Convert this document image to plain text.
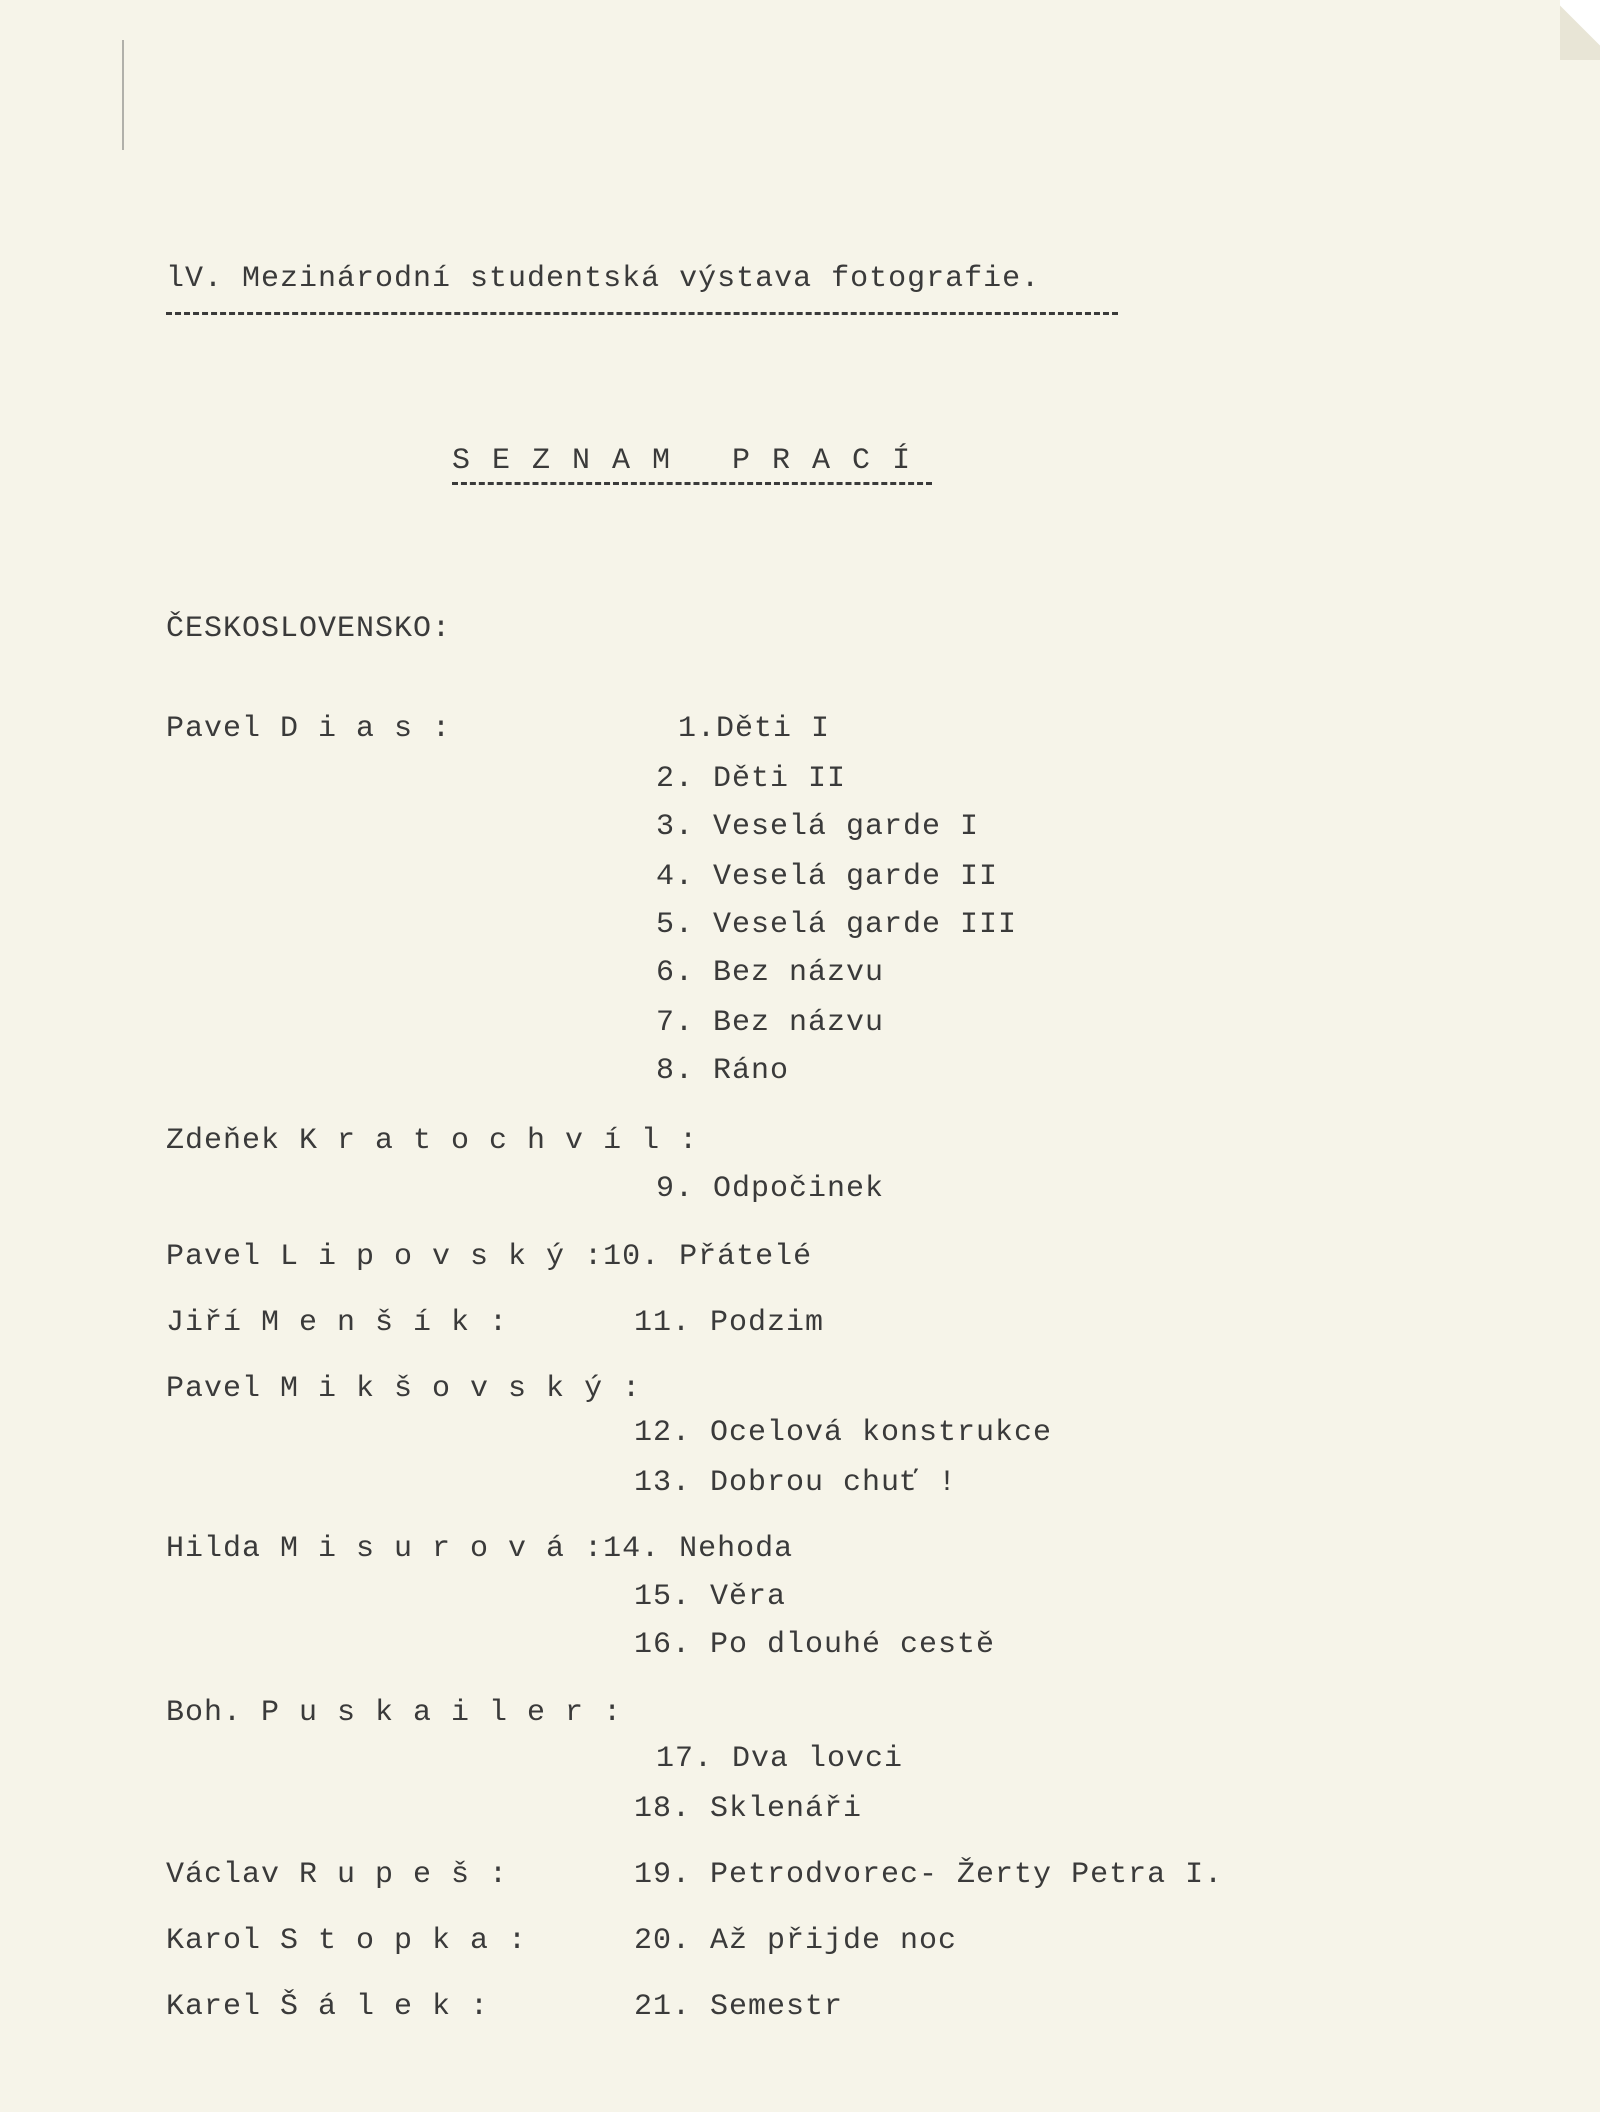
lV. Mezinárodní studentská výstava fotografie.
S E Z N A M   P R A C Í
ČESKOSLOVENSKO:
Pavel D i a s :	1.Děti I
2. Děti II
3. Veselá garde I
4. Veselá garde II
5. Veselá garde III
6. Bez názvu
7. Bez názvu
8. Ráno
Zdeňek K r a t o c h v í l :
9. Odpočinek
Pavel L i p o v s k ý :10. Přátelé
Jiří M e n š í k :	11. Podzim
Pavel M i k š o v s k ý :
12. Ocelová konstrukce
13. Dobrou chuť !
Hilda M i s u r o v á :14. Nehoda
15. Věra
16. Po dlouhé cestě
Boh. P u s k a i l e r :
17. Dva lovci
18. Sklenáři
Václav R u p e š :	19. Petrodvorec- Žerty Petra I.
Karol S t o p k a :	20. Až přijde noc
Karel Š á l e k :	21. Semestr
